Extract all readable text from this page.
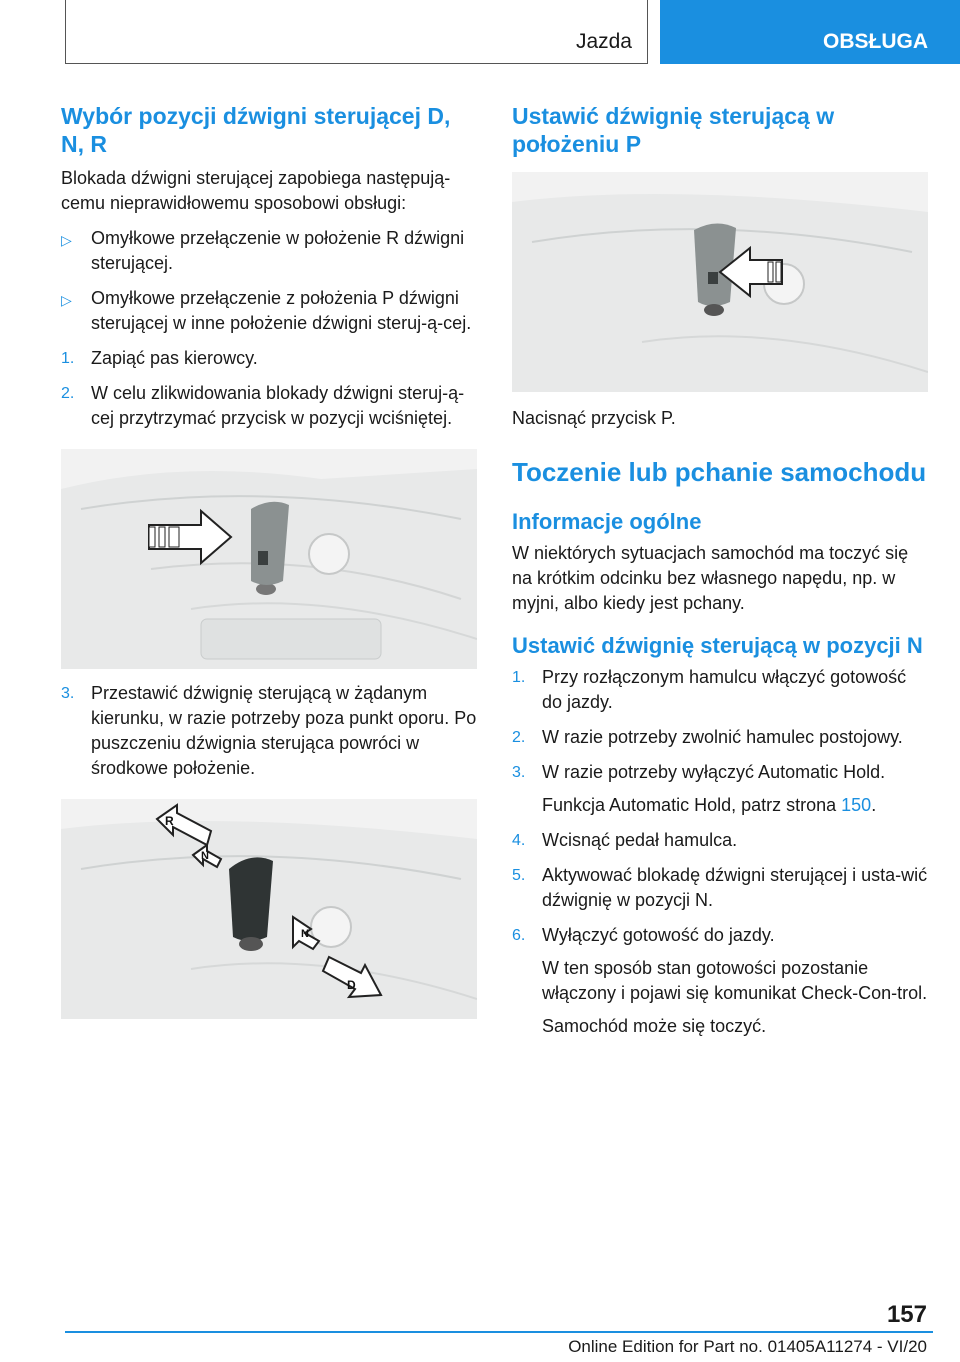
Jazda	OBSŁUGA
Wybór pozycji dźwigni sterującej D, N, R

Blokada dźwigni sterującej zapobiega następują-cemu nieprawidłowemu sposobowi obsługi:

▷ Omyłkowe przełączenie w położenie R dźwigni sterującej.
▷ Omyłkowe przełączenie z położenia P dźwigni sterującej w inne położenie dźwigni steruj-ą-cej.
1. Zapiąć pas kierowcy.
2. W celu zlikwidowania blokady dźwigni steruj-ą-cej przytrzymać przycisk w pozycji wciśniętej.
3. Przestawić dźwignię sterującą w żądanym kierunku, w razie potrzeby poza punkt oporu. Po puszczeniu dźwignia sterująca powróci w środkowe położenie.
R
N
N
D
Ustawić dźwignię sterującą w położeniu P

Nacisnąć przycisk P.

Toczenie lub pchanie samochodu
Informacje ogólne

W niektórych sytuacjach samochód ma toczyć się na krótkim odcinku bez własnego napędu, np. w myjni, albo kiedy jest pchany.

Ustawić dźwignię sterującą w pozycji N
1. Przy rozłączonym hamulcu włączyć gotowość do jazdy.
2. W razie potrzeby zwolnić hamulec postojowy.
3. W razie potrzeby wyłączyć Automatic Hold.
Funkcja Automatic Hold, patrz strona 150.
4. Wcisnąć pedał hamulca.
5. Aktywować blokadę dźwigni sterującej i usta-wić dźwignię w pozycji N.
6. Wyłączyć gotowość do jazdy.
W ten sposób stan gotowości pozostanie włączony i pojawi się komunikat Check-Con-trol.
Samochód może się toczyć.
157
Online Edition for Part no. 01405A11274 - VI/20
